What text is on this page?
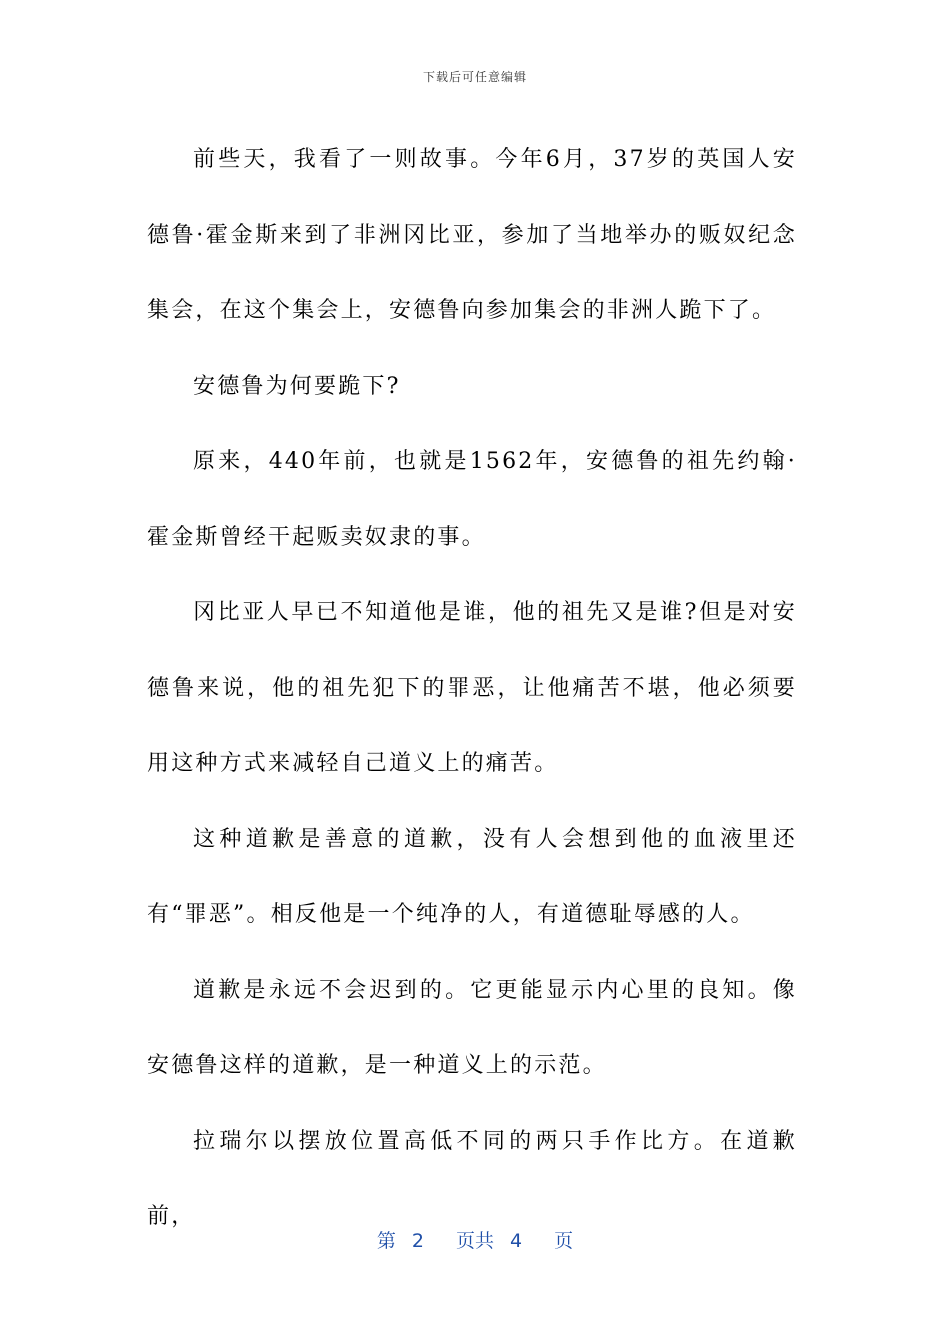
下载后可任意编辑

前些天，我看了一则故事。今年6月，37岁的英国人安德鲁·霍金斯来到了非洲冈比亚，参加了当地举办的贩奴纪念集会，在这个集会上，安德鲁向参加集会的非洲人跪下了。

安德鲁为何要跪下?

原来，440年前，也就是1562年，安德鲁的祖先约翰·霍金斯曾经干起贩卖奴隶的事。

冈比亚人早已不知道他是谁，他的祖先又是谁?但是对安德鲁来说，他的祖先犯下的罪恶，让他痛苦不堪，他必须要用这种方式来减轻自己道义上的痛苦。

这种道歉是善意的道歉，没有人会想到他的血液里还有“罪恶”。相反他是一个纯净的人，有道德耻辱感的人。

道歉是永远不会迟到的。它更能显示内心里的良知。像安德鲁这样的道歉，是一种道义上的示范。

拉瑞尔以摆放位置高低不同的两只手作比方。在道歉前，

第 2 页共 4 页
